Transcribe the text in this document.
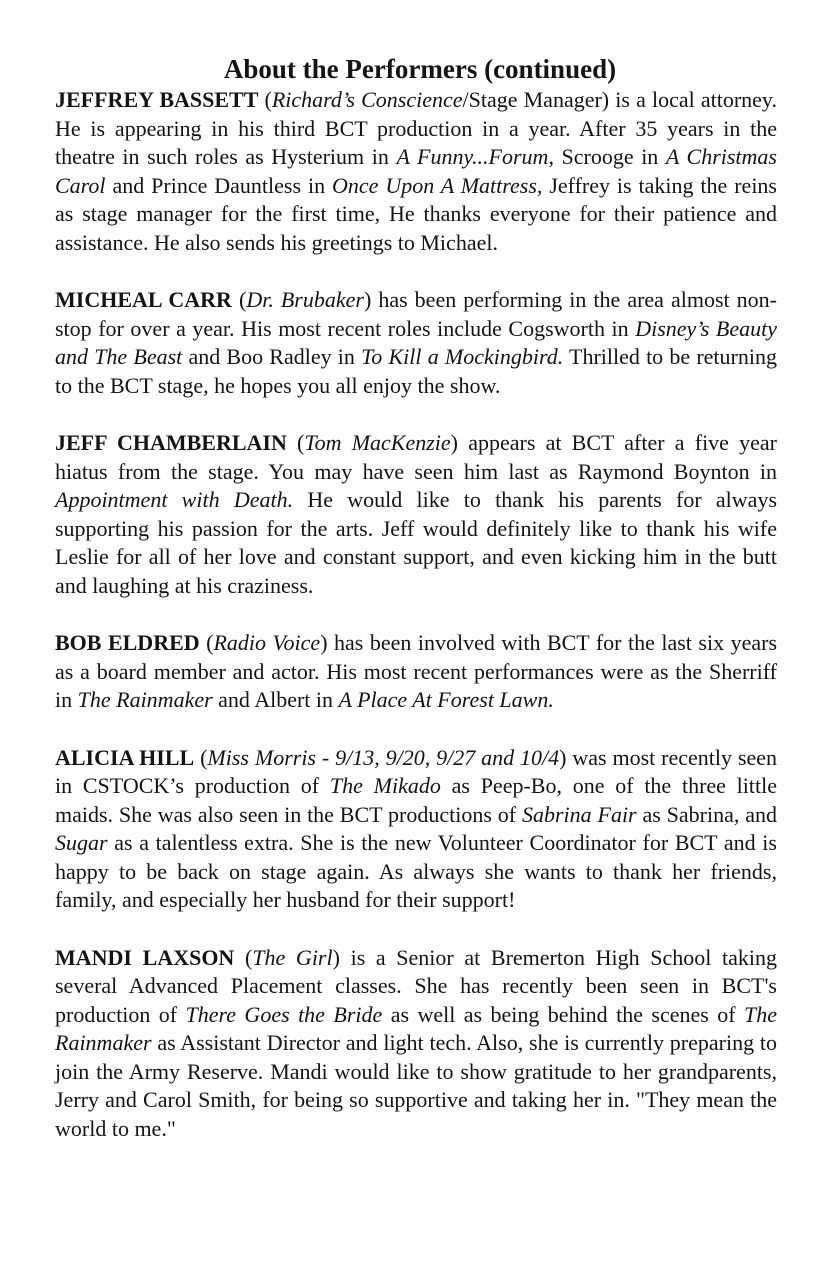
About the Performers (continued)

JEFFREY BASSETT (Richard’s Conscience/Stage Manager) is a local attorney. He is appearing in his third BCT production in a year. After 35 years in the theatre in such roles as Hysterium in A Funny...Forum, Scrooge in A Christmas Carol and Prince Dauntless in Once Upon A Mattress, Jeffrey is taking the reins as stage manager for the first time, He thanks everyone for their patience and assistance. He also sends his greetings to Michael.

MICHEAL CARR (Dr. Brubaker) has been performing in the area almost non-stop for over a year. His most recent roles include Cogsworth in Disney’s Beauty and The Beast and Boo Radley in To Kill a Mockingbird. Thrilled to be returning to the BCT stage, he hopes you all enjoy the show.

JEFF CHAMBERLAIN (Tom MacKenzie) appears at BCT after a five year hiatus from the stage. You may have seen him last as Raymond Boynton in Appointment with Death. He would like to thank his parents for always supporting his passion for the arts. Jeff would definitely like to thank his wife Leslie for all of her love and constant support, and even kicking him in the butt and laughing at his craziness.

BOB ELDRED (Radio Voice) has been involved with BCT for the last six years as a board member and actor. His most recent performances were as the Sherriff in The Rainmaker and Albert in A Place At Forest Lawn.

ALICIA HILL (Miss Morris - 9/13, 9/20, 9/27 and 10/4) was most recently seen in CSTOCK’s production of The Mikado as Peep-Bo, one of the three little maids. She was also seen in the BCT productions of Sabrina Fair as Sabrina, and Sugar as a talentless extra. She is the new Volunteer Coordinator for BCT and is happy to be back on stage again. As always she wants to thank her friends, family, and especially her husband for their support!

MANDI LAXSON (The Girl) is a Senior at Bremerton High School taking several Advanced Placement classes. She has recently been seen in BCT's production of There Goes the Bride as well as being behind the scenes of The Rainmaker as Assistant Director and light tech. Also, she is currently preparing to join the Army Reserve. Mandi would like to show gratitude to her grandparents, Jerry and Carol Smith, for being so supportive and taking her in. "They mean the world to me."
